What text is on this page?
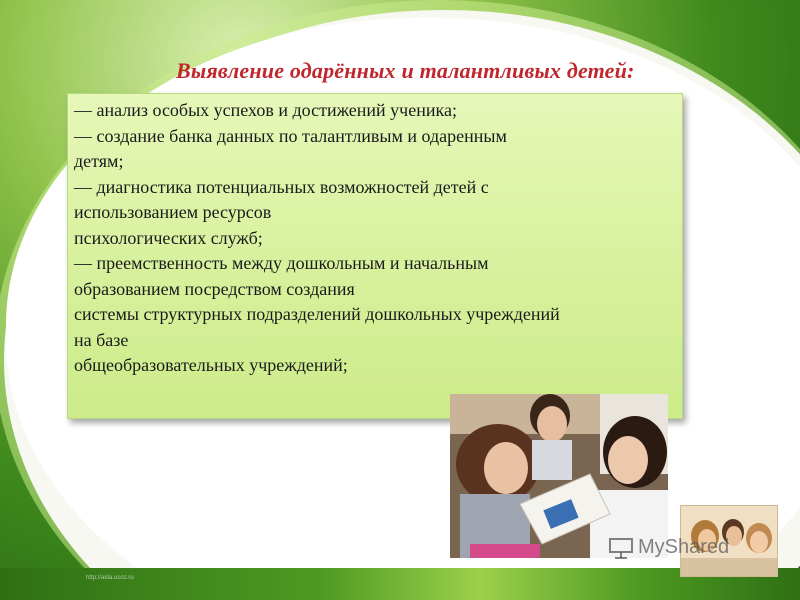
Выявление одарённых и талантливых детей:
— анализ особых успехов и достижений ученика;
— создание банка данных по талантливым и одаренным
детям;
— диагностика потенциальных возможностей детей с
использованием ресурсов
психологических служб;
— преемственность между дошкольным и начальным
образованием посредством создания
системы структурных подразделений дошкольных учреждений
на базе
общеобразовательных учреждений;
MyShared
http://aida.ucoz.ru
